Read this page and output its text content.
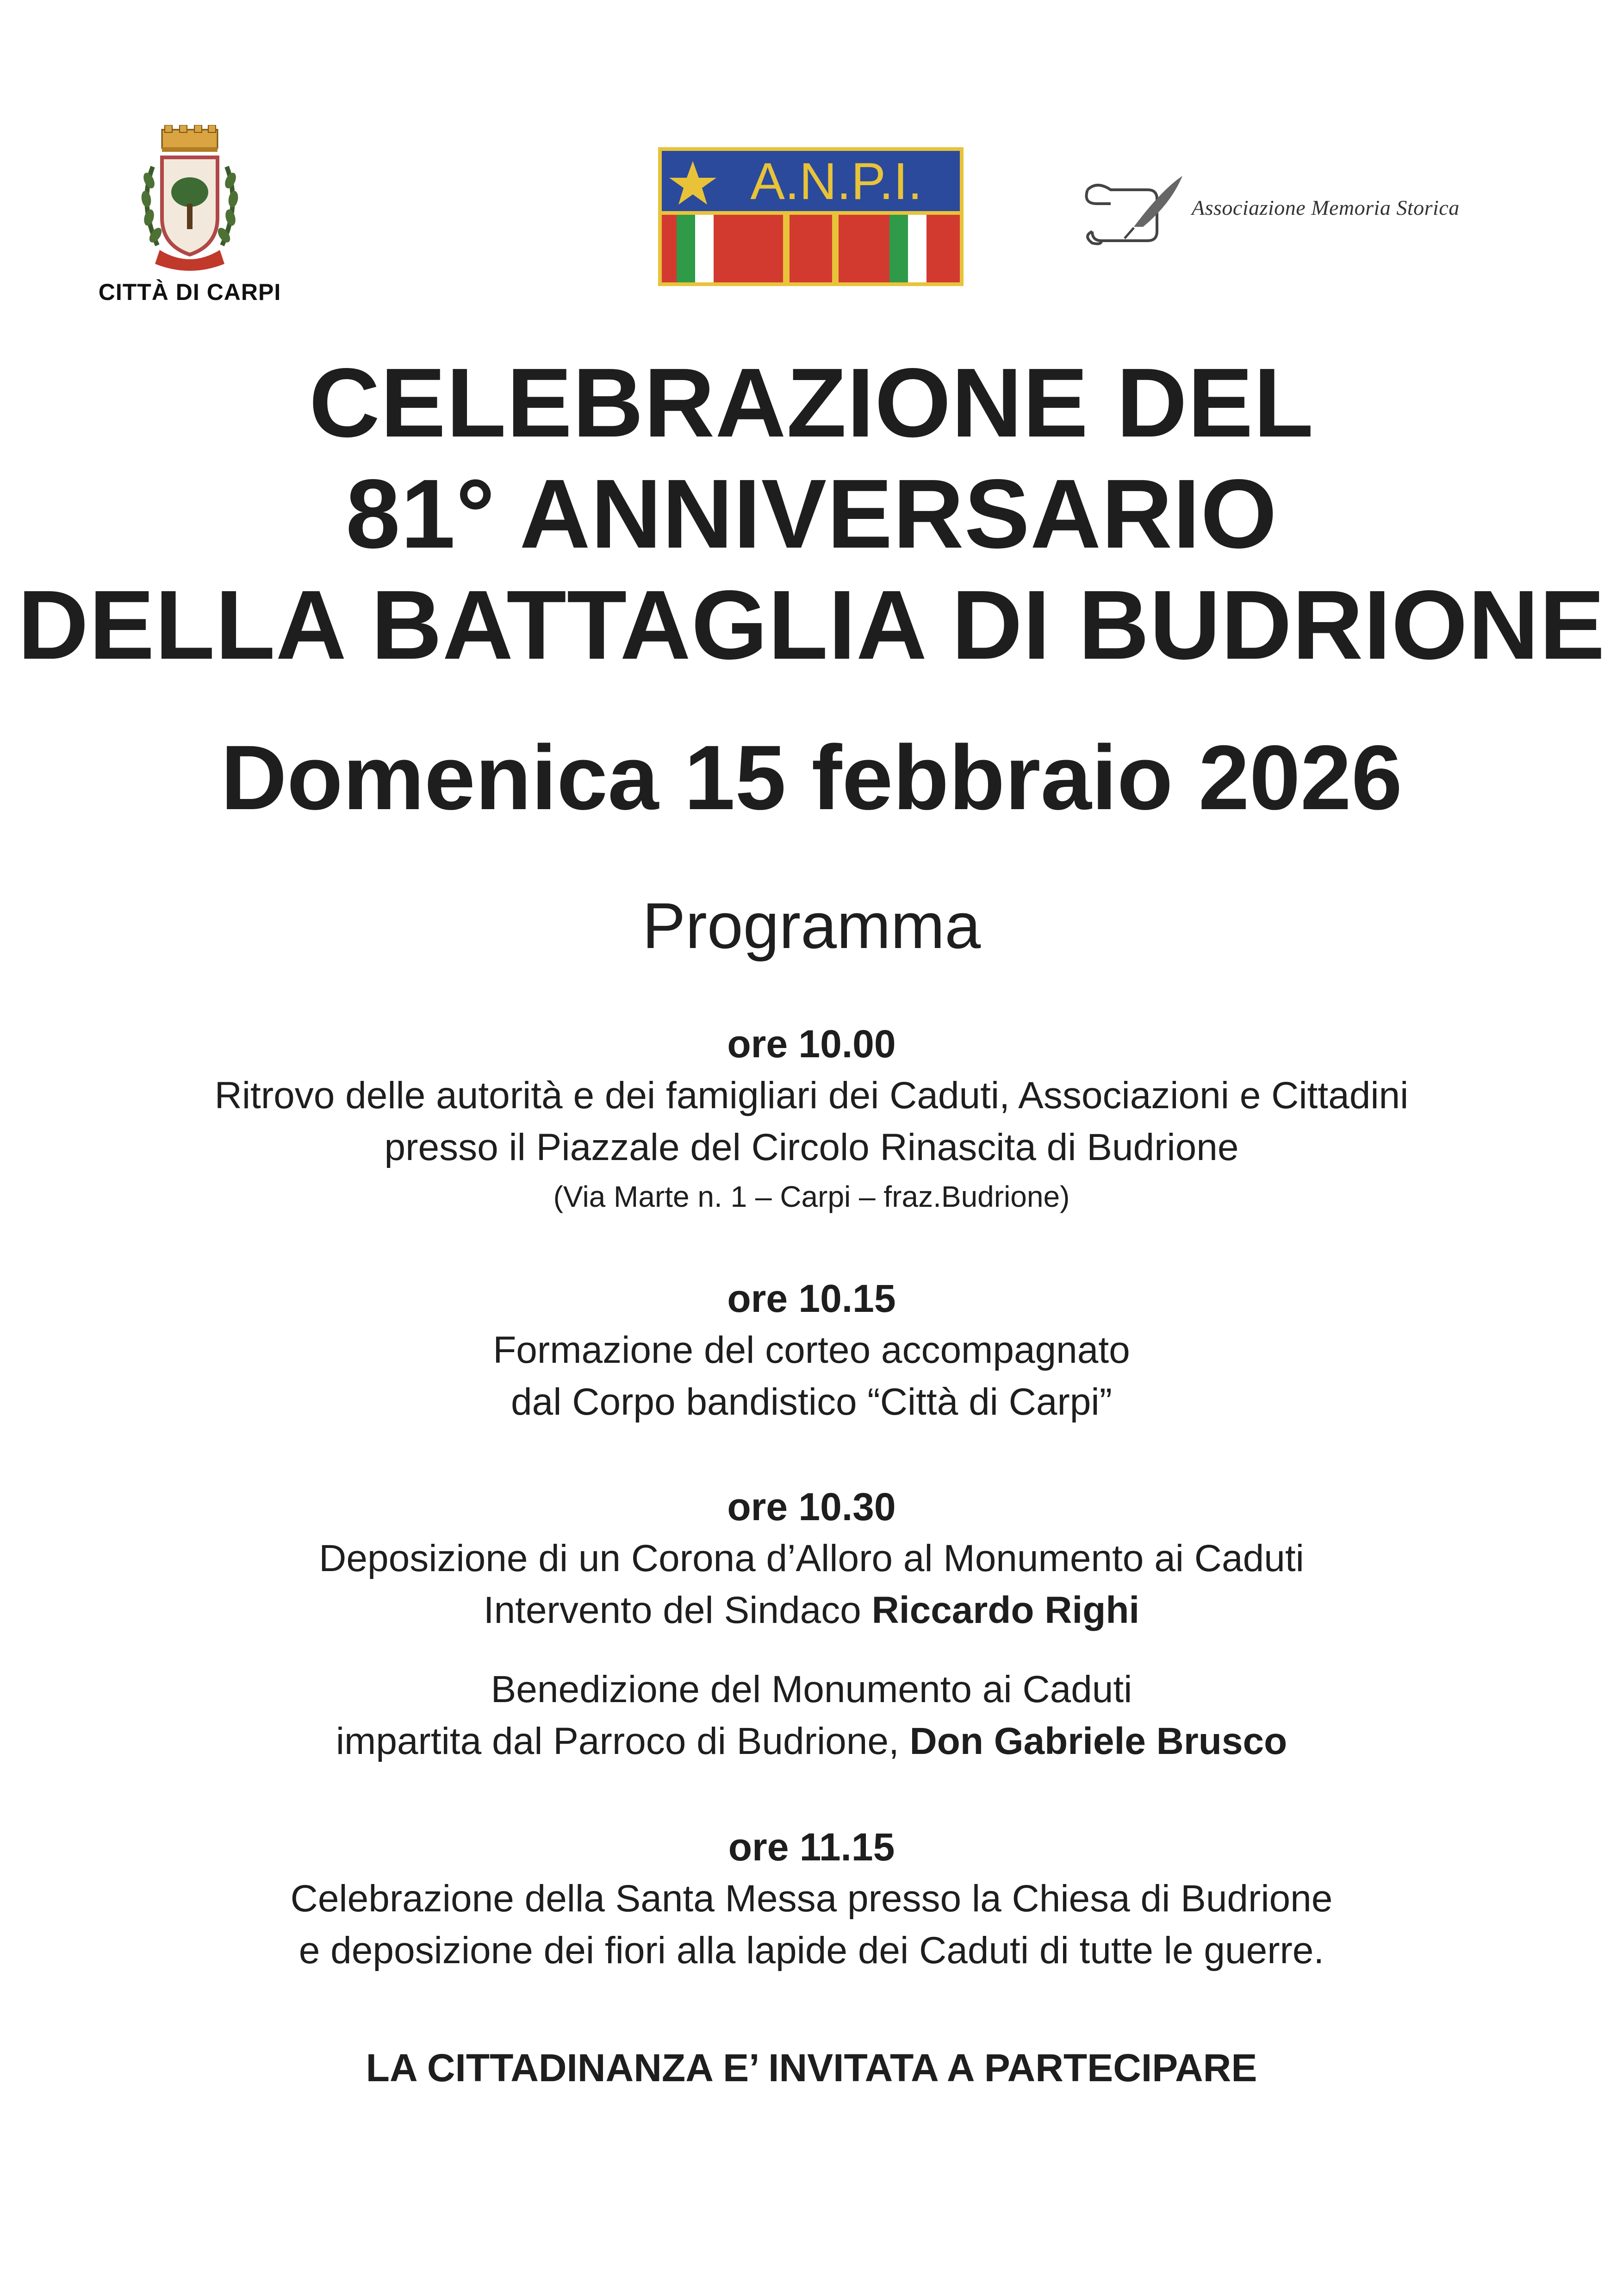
CITTÀ DI CARPI
A.N.P.I.	Associazione Memoria Storica
CELEBRAZIONE DEL
81° ANNIVERSARIO
DELLA BATTAGLIA DI BUDRIONE
Domenica 15 febbraio 2026
Programma
ore 10.00
Ritrovo delle autorità e dei famigliari dei Caduti, Associazioni e Cittadini
presso il Piazzale del Circolo Rinascita di Budrione
(Via Marte n. 1 – Carpi – fraz.Budrione)
ore 10.15
Formazione del corteo accompagnato
dal Corpo bandistico “Città di Carpi”
ore 10.30
Deposizione di un Corona d’Alloro al Monumento ai Caduti
Intervento del Sindaco Riccardo Righi
Benedizione del Monumento ai Caduti
impartita dal Parroco di Budrione, Don Gabriele Brusco
ore 11.15
Celebrazione della Santa Messa presso la Chiesa di Budrione
e deposizione dei fiori alla lapide dei Caduti di tutte le guerre.
LA CITTADINANZA E’ INVITATA A PARTECIPARE
